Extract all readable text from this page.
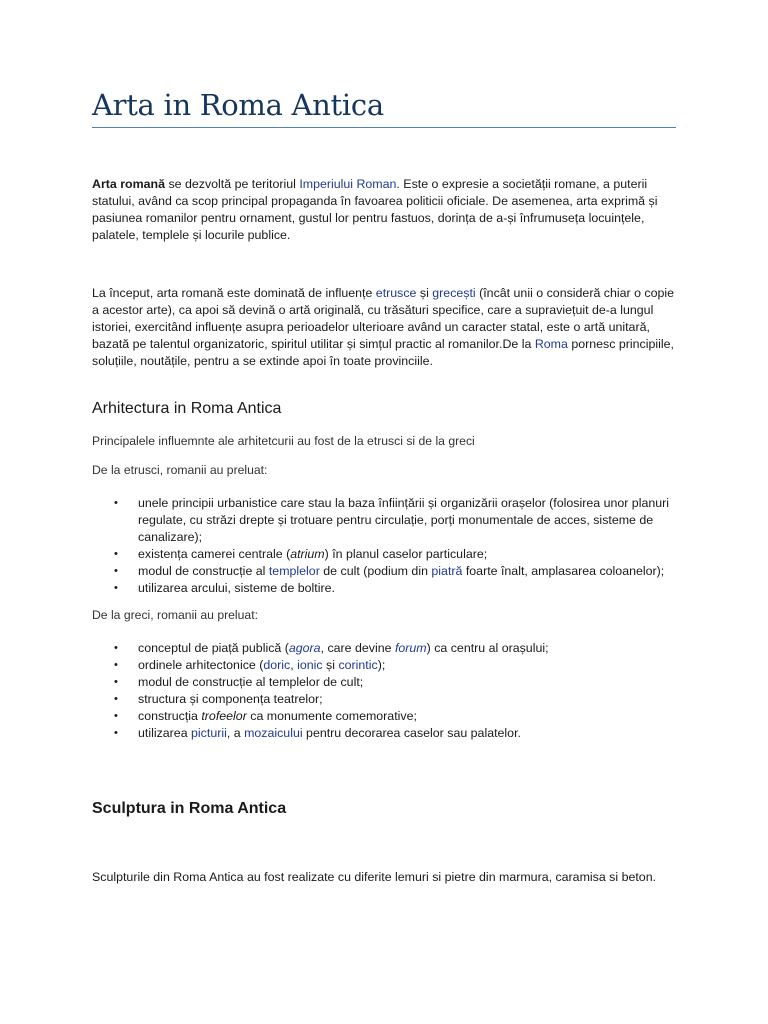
Arta in Roma Antica

Arta romană se dezvoltă pe teritoriul Imperiului Roman. Este o expresie a societății romane, a puterii statului, având ca scop principal propaganda în favoarea politicii oficiale. De asemenea, arta exprimă și pasiunea romanilor pentru ornament, gustul lor pentru fastuos, dorința de a-și înfrumuseța locuințele, palatele, templele și locurile publice.

La început, arta romană este dominată de influențe etrusce și grecești (încât unii o consideră chiar o copie a acestor arte), ca apoi să devină o artă originală, cu trăsături specifice, care a supraviețuit de-a lungul istoriei, exercitând influențe asupra perioadelor ulterioare având un caracter statal, este o artă unitară, bazată pe talentul organizatoric, spiritul utilitar și simțul practic al romanilor.De la Roma pornesc principiile, soluțiile, noutățile, pentru a se extinde apoi în toate provinciile.

Arhitectura in Roma Antica

Principalele influemnte ale arhitetcurii au fost de la etrusci si de la greci

De la etrusci, romanii au preluat:

• unele principii urbanistice care stau la baza înființării și organizării orașelor (folosirea unor planuri regulate, cu străzi drepte și trotuare pentru circulație, porți monumentale de acces, sisteme de canalizare);
• existența camerei centrale (atrium) în planul caselor particulare;
• modul de construcție al templelor de cult (podium din piatră foarte înalt, amplasarea coloanelor);
• utilizarea arcului, sisteme de boltire.

De la greci, romanii au preluat:

• conceptul de piață publică (agora, care devine forum) ca centru al orașului;
• ordinele arhitectonice (doric, ionic și corintic);
• modul de construcție al templelor de cult;
• structura și componența teatrelor;
• construcția trofeelor ca monumente comemorative;
• utilizarea picturii, a mozaicului pentru decorarea caselor sau palatelor.
Sculptura in Roma Antica

Sculpturile din Roma Antica au fost realizate cu diferite lemuri si pietre din marmura, caramisa si beton.
